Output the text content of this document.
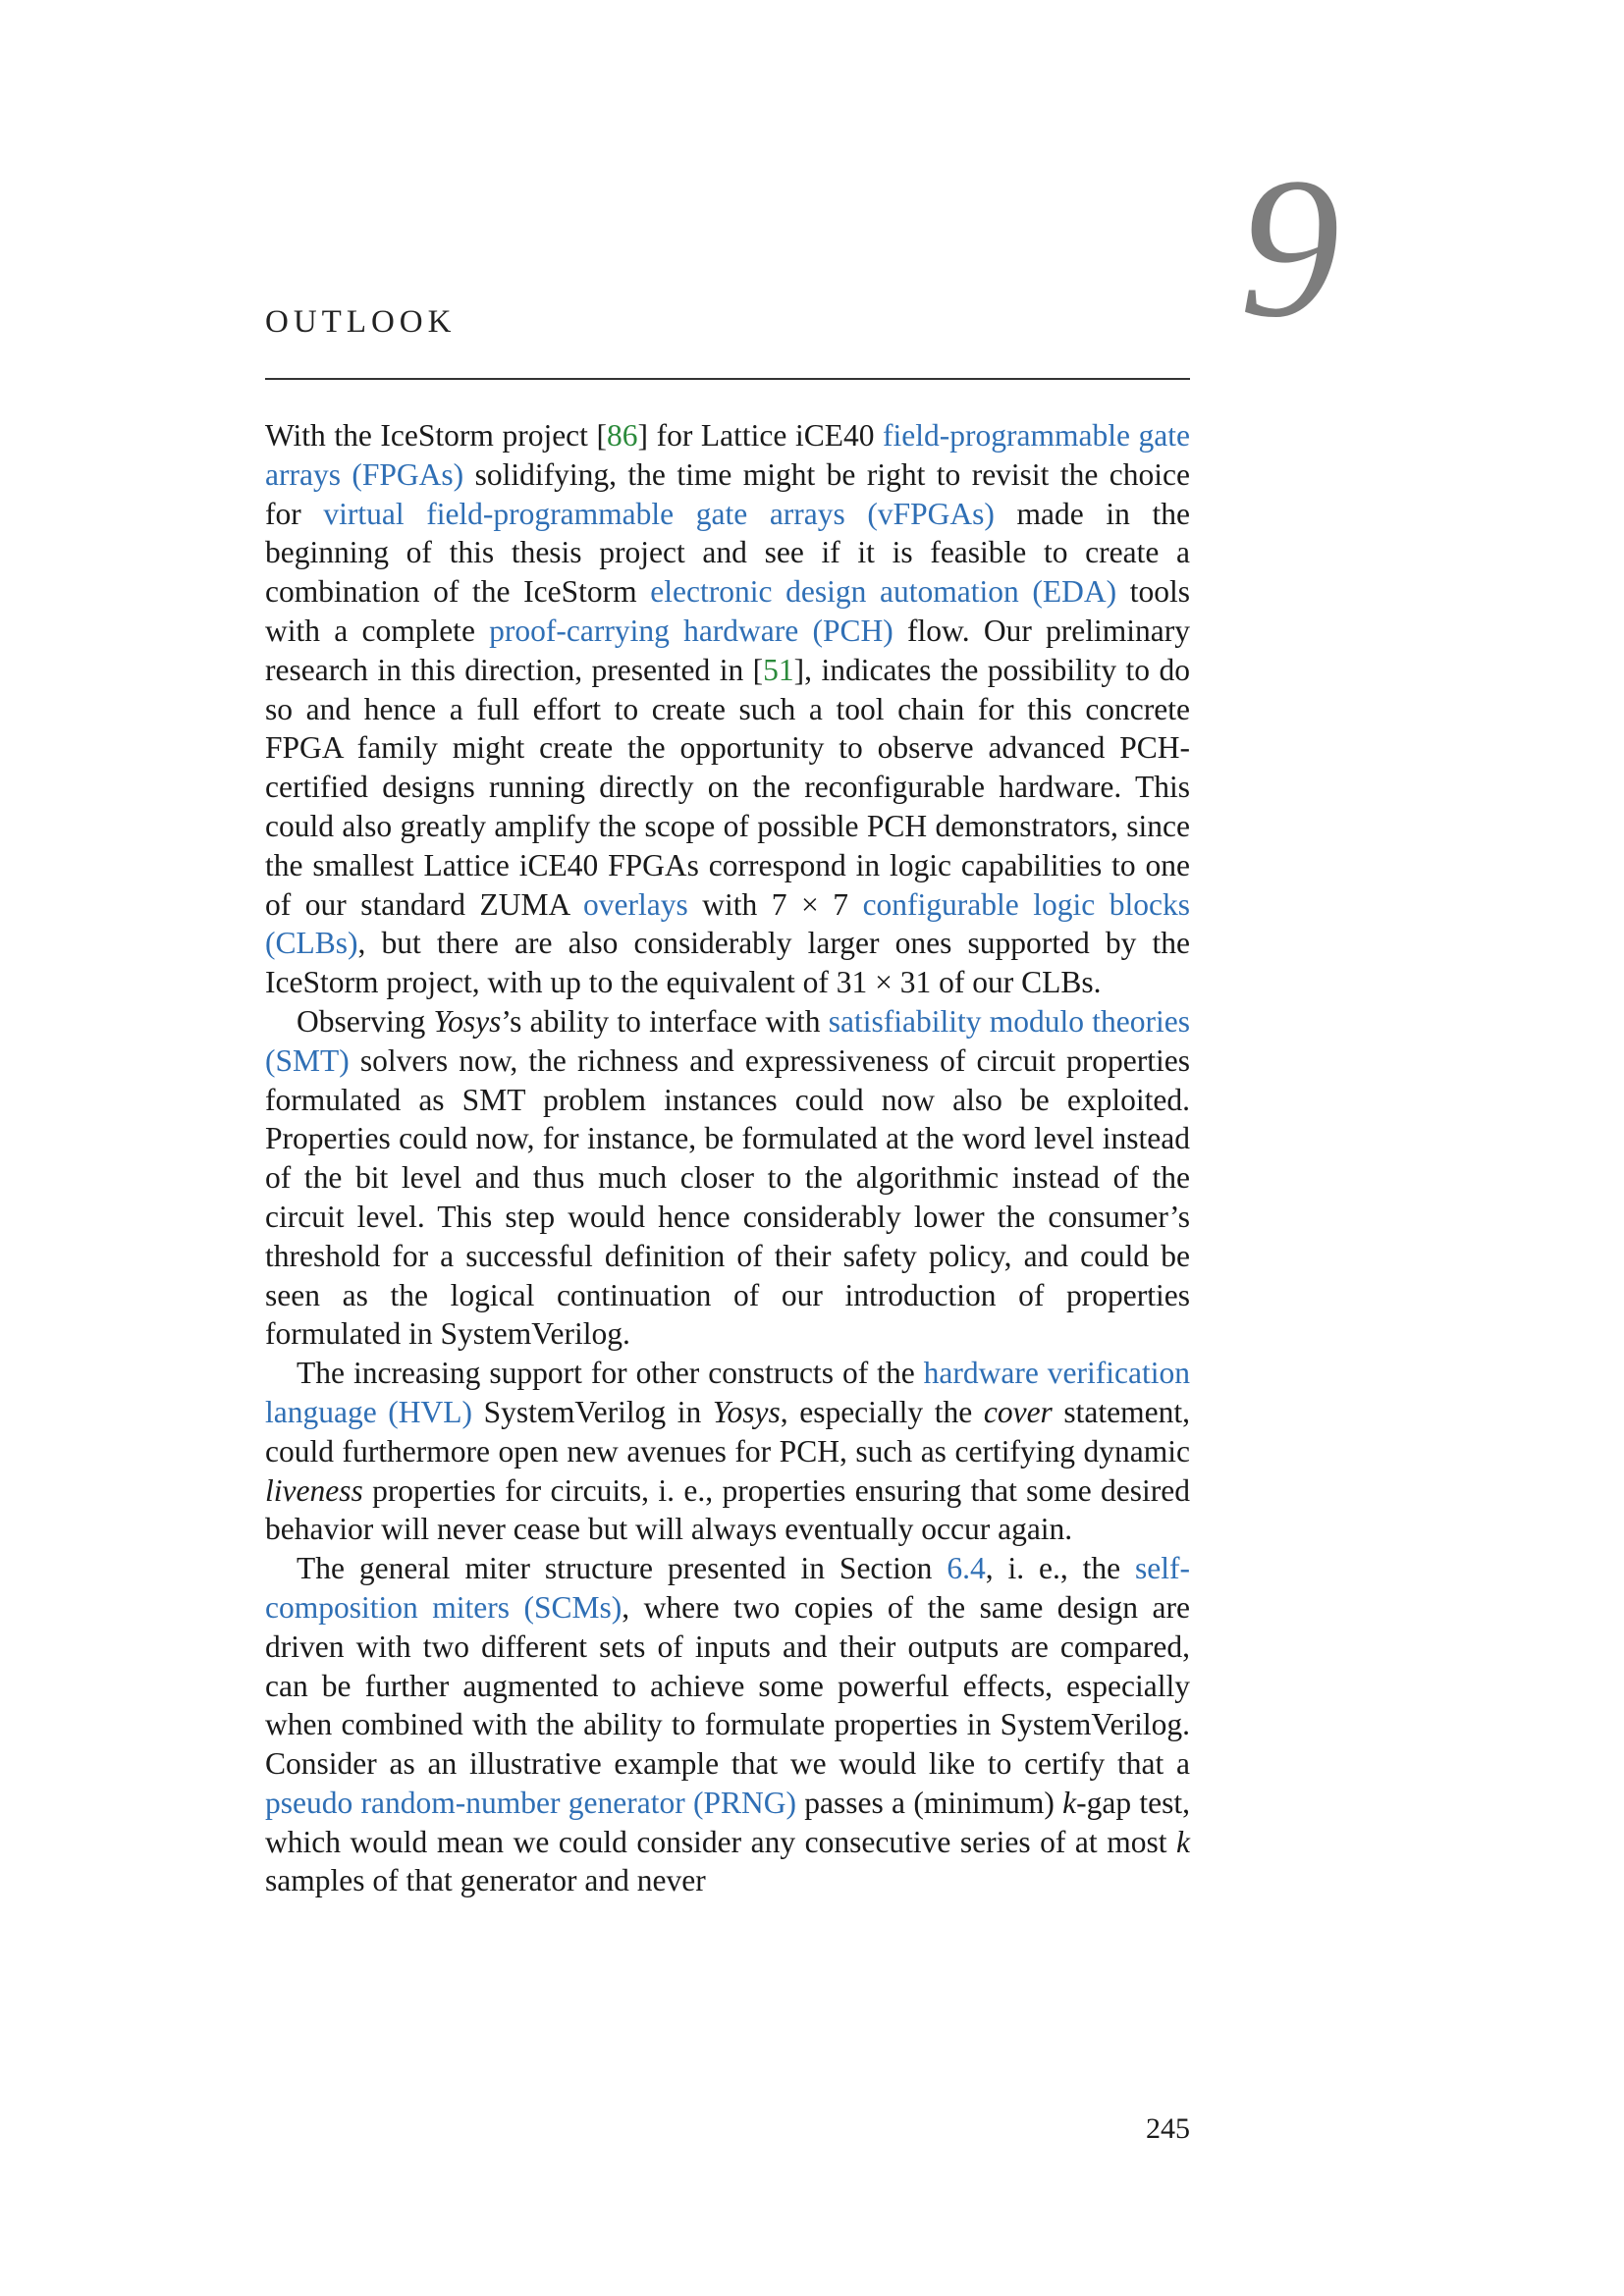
9
OUTLOOK

With the IceStorm project [86] for Lattice iCE40 field-programmable gate arrays (FPGAs) solidifying, the time might be right to revisit the choice for virtual field-programmable gate arrays (vFPGAs) made in the beginning of this thesis project and see if it is feasible to create a combination of the IceStorm electronic design automation (EDA) tools with a complete proof-carrying hardware (PCH) flow. Our preliminary research in this direction, presented in [51], indicates the possibility to do so and hence a full effort to create such a tool chain for this concrete FPGA family might create the opportunity to observe advanced PCH-certified designs running directly on the reconfigurable hardware. This could also greatly amplify the scope of possible PCH demonstrators, since the smallest Lattice iCE40 FPGAs correspond in logic capabilities to one of our standard ZUMA overlays with 7 × 7 configurable logic blocks (CLBs), but there are also considerably larger ones supported by the IceStorm project, with up to the equivalent of 31 × 31 of our CLBs.

Observing Yosys’s ability to interface with satisfiability modulo theories (SMT) solvers now, the richness and expressiveness of circuit properties formulated as SMT problem instances could now also be exploited. Properties could now, for instance, be formulated at the word level instead of the bit level and thus much closer to the algorithmic instead of the circuit level. This step would hence considerably lower the consumer’s threshold for a successful definition of their safety policy, and could be seen as the logical continuation of our introduction of properties formulated in SystemVerilog.

The increasing support for other constructs of the hardware verification language (HVL) SystemVerilog in Yosys, especially the cover statement, could furthermore open new avenues for PCH, such as certifying dynamic liveness properties for circuits, i. e., properties ensuring that some desired behavior will never cease but will always eventually occur again.

The general miter structure presented in Section 6.4, i. e., the self-composition miters (SCMs), where two copies of the same design are driven with two different sets of inputs and their outputs are compared, can be further augmented to achieve some powerful effects, especially when combined with the ability to formulate properties in SystemVerilog. Consider as an illustrative example that we would like to certify that a pseudo random-number generator (PRNG) passes a (minimum) k-gap test, which would mean we could consider any consecutive series of at most k samples of that generator and never

245
